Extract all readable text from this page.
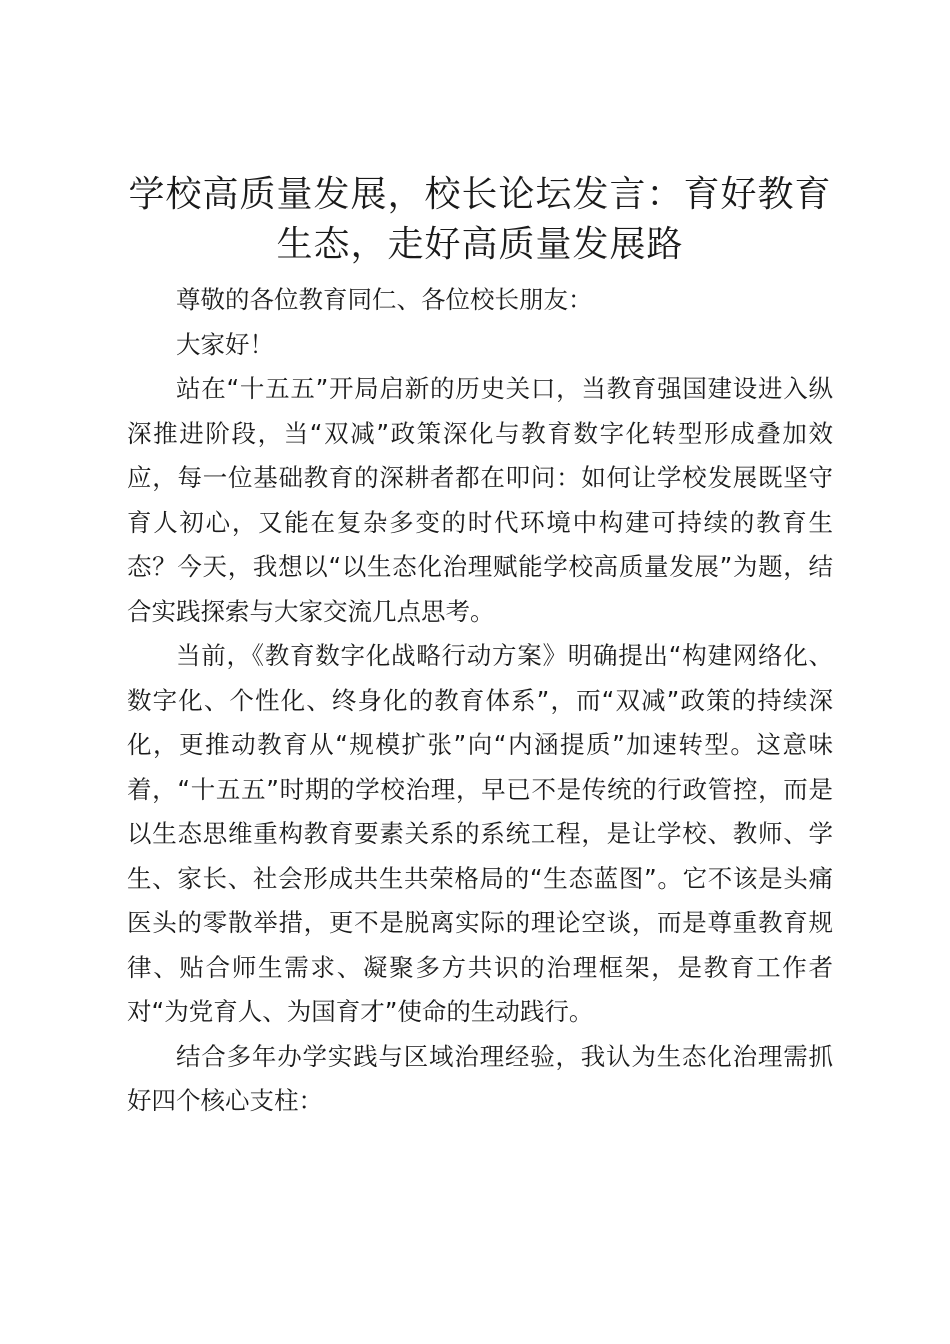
学校高质量发展，校长论坛发言：育好教育生态，走好高质量发展路

尊敬的各位教育同仁、各位校长朋友：

大家好！

站在“十五五”开局启新的历史关口，当教育强国建设进入纵深推进阶段，当“双减”政策深化与教育数字化转型形成叠加效应，每一位基础教育的深耕者都在叩问：如何让学校发展既坚守育人初心，又能在复杂多变的时代环境中构建可持续的教育生态？今天，我想以“以生态化治理赋能学校高质量发展”为题，结合实践探索与大家交流几点思考。

当前，《教育数字化战略行动方案》明确提出“构建网络化、数字化、个性化、终身化的教育体系”，而“双减”政策的持续深化，更推动教育从“规模扩张”向“内涵提质”加速转型。这意味着，“十五五”时期的学校治理，早已不是传统的行政管控，而是以生态思维重构教育要素关系的系统工程，是让学校、教师、学生、家长、社会形成共生共荣格局的“生态蓝图”。它不该是头痛医头的零散举措，更不是脱离实际的理论空谈，而是尊重教育规律、贴合师生需求、凝聚多方共识的治理框架，是教育工作者对“为党育人、为国育才”使命的生动践行。

结合多年办学实践与区域治理经验，我认为生态化治理需抓好四个核心支柱：
